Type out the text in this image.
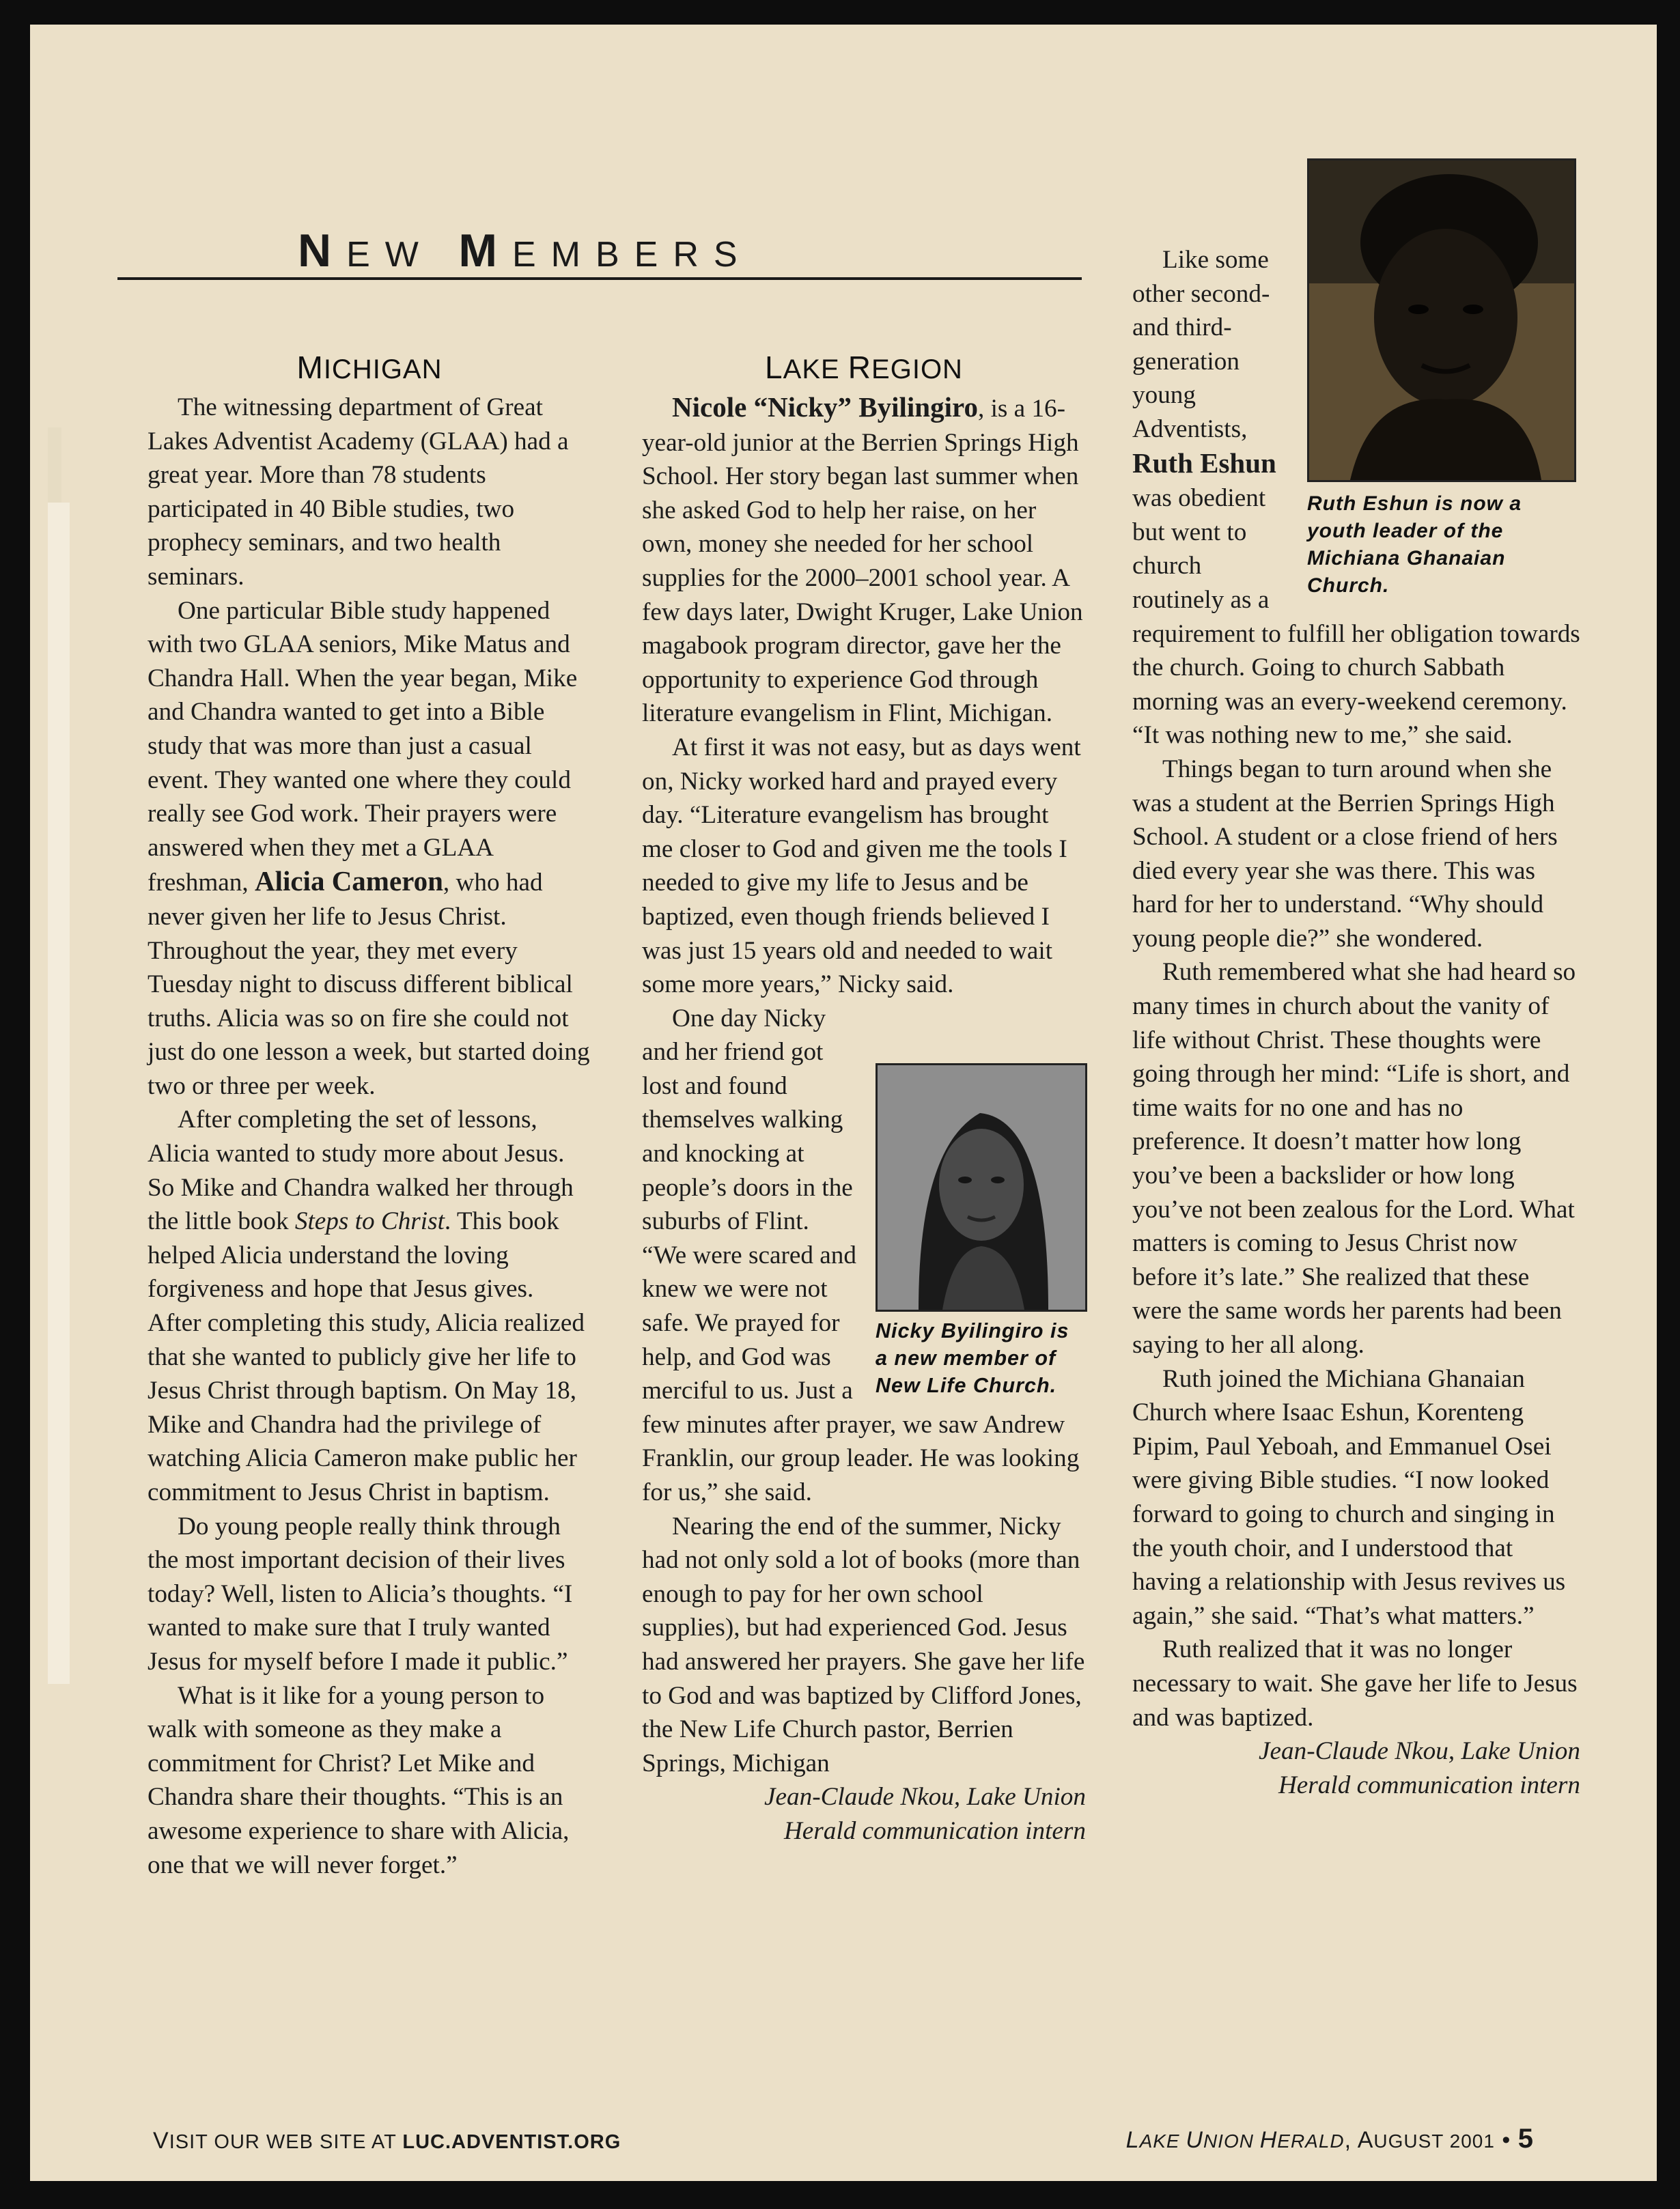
NEW MEMBERS
MICHIGAN

The witnessing department of Great Lakes Adventist Academy (GLAA) had a great year. More than 78 students participated in 40 Bible studies, two prophecy seminars, and two health seminars.

One particular Bible study happened with two GLAA seniors, Mike Matus and Chandra Hall. When the year began, Mike and Chandra wanted to get into a Bible study that was more than just a casual event. They wanted one where they could really see God work. Their prayers were answered when they met a GLAA freshman, Alicia Cameron, who had never given her life to Jesus Christ. Throughout the year, they met every Tuesday night to discuss different biblical truths. Alicia was so on fire she could not just do one lesson a week, but started doing two or three per week.

After completing the set of lessons, Alicia wanted to study more about Jesus. So Mike and Chandra walked her through the little book Steps to Christ. This book helped Alicia understand the loving forgiveness and hope that Jesus gives. After completing this study, Alicia realized that she wanted to publicly give her life to Jesus Christ through baptism. On May 18, Mike and Chandra had the privilege of watching Alicia Cameron make public her commitment to Jesus Christ in baptism.

Do young people really think through the most important decision of their lives today? Well, listen to Alicia’s thoughts. “I wanted to make sure that I truly wanted Jesus for myself before I made it public.”

What is it like for a young person to walk with someone as they make a commitment for Christ? Let Mike and Chandra share their thoughts. “This is an awesome experience to share with Alicia, one that we will never forget.”

LAKE REGION

Nicole “Nicky” Byilingiro, is a 16-year-old junior at the Berrien Springs High School. Her story began last summer when she asked God to help her raise, on her own, money she needed for her school supplies for the 2000–2001 school year. A few days later, Dwight Kruger, Lake Union magabook program director, gave her the opportunity to experience God through literature evangelism in Flint, Michigan.

At first it was not easy, but as days went on, Nicky worked hard and prayed every day. “Literature evangelism has brought me closer to God and given me the tools I needed to give my life to Jesus and be baptized, even though friends believed I was just 15 years old and needed to wait some more years,” Nicky said.

Nicky Byilingiro is a new member of New Life Church.

One day Nicky and her friend got lost and found themselves walking and knocking at people’s doors in the suburbs of Flint. “We were scared and knew we were not safe. We prayed for help, and God was merciful to us. Just a few minutes after prayer, we saw Andrew Franklin, our group leader. He was looking for us,” she said.

Nearing the end of the summer, Nicky had not only sold a lot of books (more than enough to pay for her own school supplies), but had experienced God. Jesus had answered her prayers. She gave her life to God and was baptized by Clifford Jones, the New Life Church pastor, Berrien Springs, Michigan

Jean-Claude Nkou, Lake Union
Herald communication intern

Ruth Eshun is now a youth leader of the Michiana Ghanaian Church.

Like some other second- and third-generation young Adventists, Ruth Eshun was obedient but went to church routinely as a requirement to fulfill her obligation towards the church. Going to church Sabbath morning was an every-weekend ceremony. “It was nothing new to me,” she said.

Things began to turn around when she was a student at the Berrien Springs High School. A student or a close friend of hers died every year she was there. This was hard for her to understand. “Why should young people die?” she wondered.

Ruth remembered what she had heard so many times in church about the vanity of life without Christ. These thoughts were going through her mind: “Life is short, and time waits for no one and has no preference. It doesn’t matter how long you’ve been a backslider or how long you’ve not been zealous for the Lord. What matters is coming to Jesus Christ now before it’s late.” She realized that these were the same words her parents had been saying to her all along.

Ruth joined the Michiana Ghanaian Church where Isaac Eshun, Korenteng Pipim, Paul Yeboah, and Emmanuel Osei were giving Bible studies. “I now looked forward to going to church and singing in the youth choir, and I understood that having a relationship with Jesus revives us again,” she said. “That’s what matters.”

Ruth realized that it was no longer necessary to wait. She gave her life to Jesus and was baptized.

Jean-Claude Nkou, Lake Union
Herald communication intern

VISIT OUR WEB SITE AT LUC.ADVENTIST.ORG	LAKE UNION HERALD, AUGUST 2001 • 5
